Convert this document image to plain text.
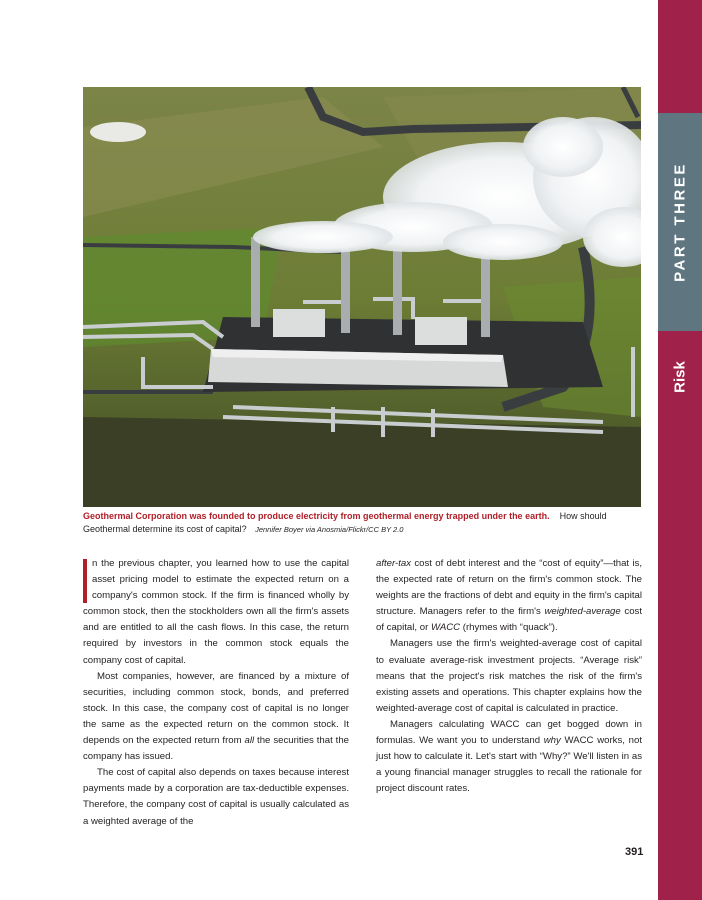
PART THREE
Risk
Geothermal Corporation was founded to produce electricity from geothermal energy trapped under the earth. How should Geothermal determine its cost of capital? Jennifer Boyer via Anosmia/Flickr/CC BY 2.0

n the previous chapter, you learned how to use the capital asset pricing model to estimate the expected return on a company's common stock. If the firm is financed wholly by common stock, then the stockholders own all the firm's assets and are entitled to all the cash flows. In this case, the return required by investors in the common stock equals the company cost of capital.

Most companies, however, are financed by a mixture of securities, including common stock, bonds, and preferred stock. In this case, the company cost of capital is no longer the same as the expected return on the common stock. It depends on the expected return from all the securities that the company has issued.

The cost of capital also depends on taxes because interest payments made by a corporation are tax-deductible expenses. Therefore, the company cost of capital is usually calculated as a weighted average of the

after-tax cost of debt interest and the “cost of equity”—that is, the expected rate of return on the firm's common stock. The weights are the fractions of debt and equity in the firm's capital structure. Managers refer to the firm's weighted-average cost of capital, or WACC (rhymes with “quack”).

Managers use the firm's weighted-average cost of capital to evaluate average-risk investment projects. “Average risk” means that the project's risk matches the risk of the firm's existing assets and operations. This chapter explains how the weighted-average cost of capital is calculated in practice.

Managers calculating WACC can get bogged down in formulas. We want you to understand why WACC works, not just how to calculate it. Let's start with “Why?” We'll listen in as a young financial manager struggles to recall the rationale for project discount rates.

391
